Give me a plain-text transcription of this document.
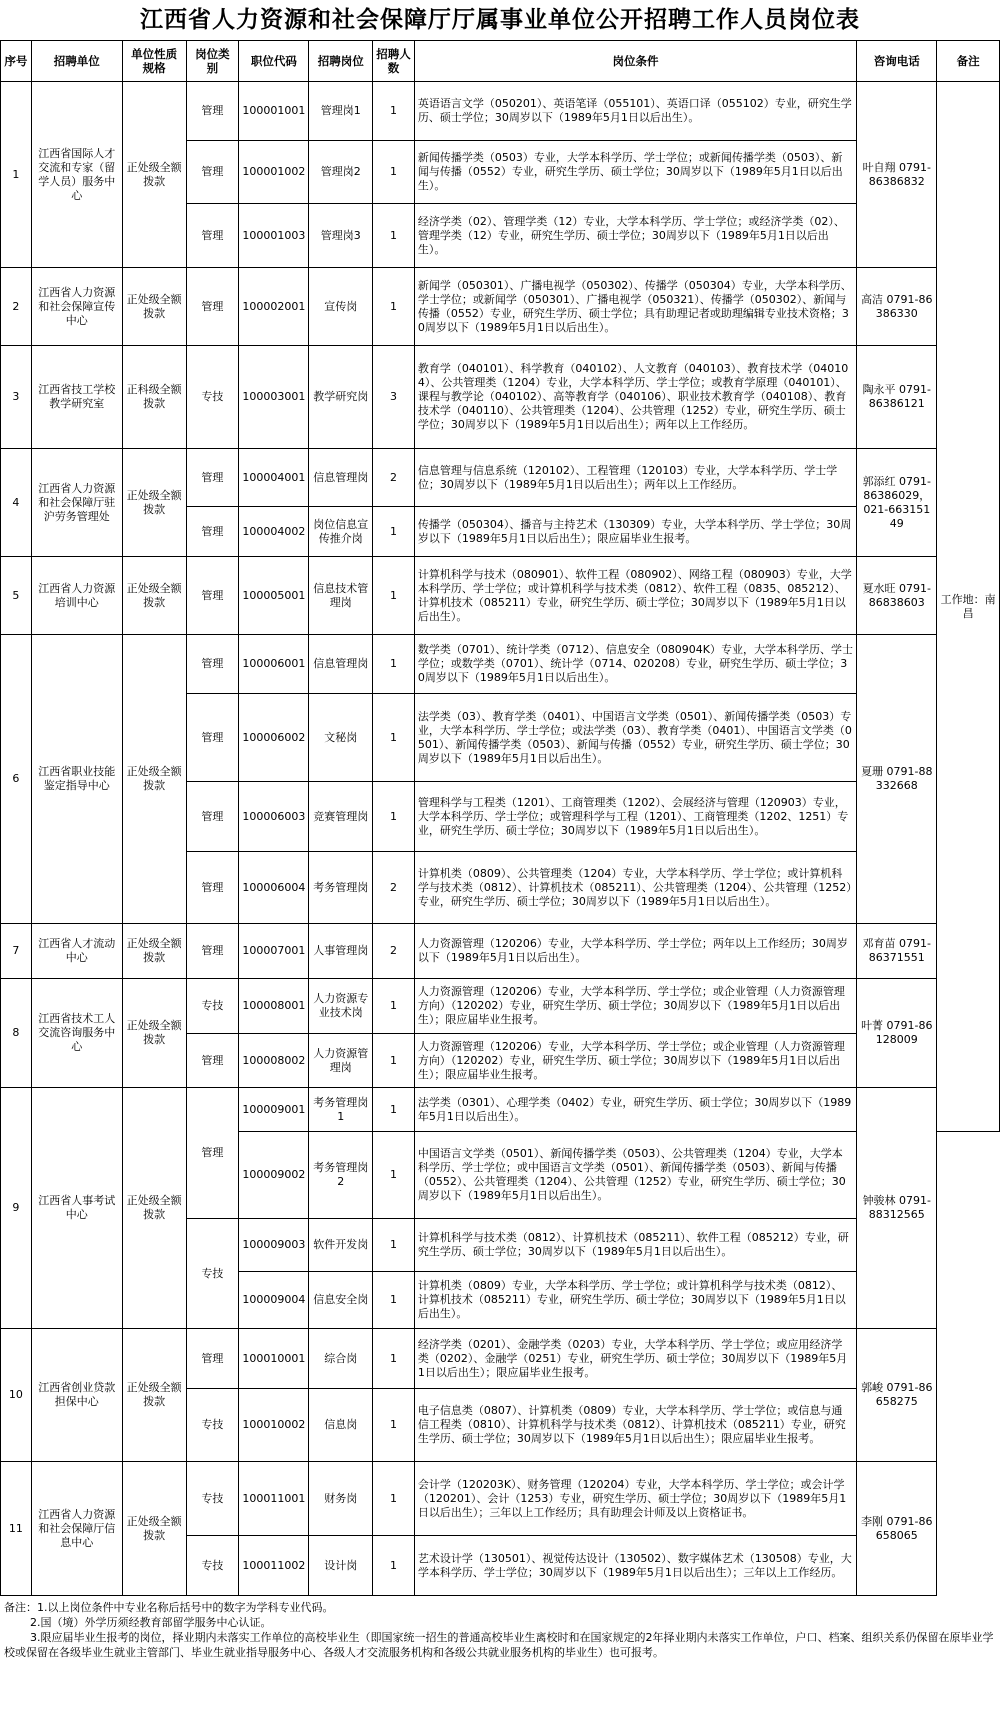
江西省人力资源和社会保障厅厅属事业单位公开招聘工作人员岗位表
序号	招聘单位	单位性质规格	岗位类别	职位代码	招聘岗位	招聘人数	岗位条件	咨询电话	备注
1	江西省国际人才交流和专家（留学人员）服务中心	正处级全额拨款	管理	100001001	管理岗1	1	英语语言文学（050201）、英语笔译（055101）、英语口译（055102）专业，研究生学历、硕士学位；30周岁以下（1989年5月1日以后出生）。	叶自翔 0791-86386832	工作地：南昌
			管理	100001002	管理岗2	1	新闻传播学类（0503）专业，大学本科学历、学士学位；或新闻传播学类（0503）、新闻与传播（0552）专业，研究生学历、硕士学位；30周岁以下（1989年5月1日以后出生）。		
			管理	100001003	管理岗3	1	经济学类（02）、管理学类（12）专业，大学本科学历、学士学位；或经济学类（02）、管理学类（12）专业，研究生学历、硕士学位；30周岁以下（1989年5月1日以后出生）。		
2	江西省人力资源和社会保障宣传中心	正处级全额拨款	管理	100002001	宣传岗	1	新闻学（050301）、广播电视学（050302）、传播学（050304）专业，大学本科学历、学士学位；或新闻学（050301）、广播电视学（050321）、传播学（050302）、新闻与传播（0552）专业，研究生学历、硕士学位；具有助理记者或助理编辑专业技术资格；30周岁以下（1989年5月1日以后出生）。	高洁 0791-86386330	
3	江西省技工学校教学研究室	正科级全额拨款	专技	100003001	教学研究岗	3	教育学（040101）、科学教育（040102）、人文教育（040103）、教育技术学（040104）、公共管理类（1204）专业，大学本科学历、学士学位；或教育学原理（040101）、课程与教学论（040102）、高等教育学（040106）、职业技术教育学（040108）、教育技术学（040110）、公共管理类（1204）、公共管理（1252）专业，研究生学历、硕士学位；30周岁以下（1989年5月1日以后出生）；两年以上工作经历。	陶永平 0791-86386121	
4	江西省人力资源和社会保障厅驻沪劳务管理处	正处级全额拨款	管理	100004001	信息管理岗	2	信息管理与信息系统（120102）、工程管理（120103）专业，大学本科学历、学士学位；30周岁以下（1989年5月1日以后出生）；两年以上工作经历。	郭添红 0791-86386029，021-66315149	
			管理	100004002	岗位信息宣传推介岗	1	传播学（050304）、播音与主持艺术（130309）专业，大学本科学历、学士学位；30周岁以下（1989年5月1日以后出生）；限应届毕业生报考。		
5	江西省人力资源培训中心	正处级全额拨款	管理	100005001	信息技术管理岗	1	计算机科学与技术（080901）、软件工程（080902）、网络工程（080903）专业，大学本科学历、学士学位；或计算机科学与技术类（0812）、软件工程（0835、085212）、计算机技术（085211）专业，研究生学历、硕士学位；30周岁以下（1989年5月1日以后出生）。	夏水旺 0791-86838603	
6	江西省职业技能鉴定指导中心	正处级全额拨款	管理	100006001	信息管理岗	1	数学类（0701）、统计学类（0712）、信息安全（080904K）专业，大学本科学历、学士学位；或数学类（0701）、统计学（0714、020208）专业，研究生学历、硕士学位；30周岁以下（1989年5月1日以后出生）。	夏珊 0791-88332668	
			管理	100006002	文秘岗	1	法学类（03）、教育学类（0401）、中国语言文学类（0501）、新闻传播学类（0503）专业，大学本科学历、学士学位；或法学类（03）、教育学类（0401）、中国语言文学类（0501）、新闻传播学类（0503）、新闻与传播（0552）专业，研究生学历、硕士学位；30周岁以下（1989年5月1日以后出生）。		
			管理	100006003	竞赛管理岗	1	管理科学与工程类（1201）、工商管理类（1202）、会展经济与管理（120903）专业，大学本科学历、学士学位；或管理科学与工程（1201）、工商管理类（1202、1251）专业，研究生学历、硕士学位；30周岁以下（1989年5月1日以后出生）。		
			管理	100006004	考务管理岗	2	计算机类（0809）、公共管理类（1204）专业，大学本科学历、学士学位；或计算机科学与技术类（0812）、计算机技术（085211）、公共管理类（1204）、公共管理（1252）专业，研究生学历、硕士学位；30周岁以下（1989年5月1日以后出生）。		
7	江西省人才流动中心	正处级全额拨款	管理	100007001	人事管理岗	2	人力资源管理（120206）专业，大学本科学历、学士学位；两年以上工作经历；30周岁以下（1989年5月1日以后出生）。	邓育苗 0791-86371551	
8	江西省技术工人交流咨询服务中心	正处级全额拨款	专技	100008001	人力资源专业技术岗	1	人力资源管理（120206）专业，大学本科学历、学士学位；或企业管理（人力资源管理方向）（120202）专业，研究生学历、硕士学位；30周岁以下（1989年5月1日以后出生）；限应届毕业生报考。	叶菁 0791-86128009	
			管理	100008002	人力资源管理岗	1	人力资源管理（120206）专业，大学本科学历、学士学位；或企业管理（人力资源管理方向）（120202）专业，研究生学历、硕士学位；30周岁以下（1989年5月1日以后出生）；限应届毕业生报考。		
9	江西省人事考试中心	正处级全额拨款	管理	100009001	考务管理岗1	1	法学类（0301）、心理学类（0402）专业，研究生学历、硕士学位；30周岁以下（1989年5月1日以后出生）。	钟骏林 0791-88312565	
				100009002	考务管理岗2	1	中国语言文学类（0501）、新闻传播学类（0503）、公共管理类（1204）专业，大学本科学历、学士学位；或中国语言文学类（0501）、新闻传播学类（0503）、新闻与传播（0552）、公共管理类（1204）、公共管理（1252）专业，研究生学历、硕士学位；30周岁以下（1989年5月1日以后出生）。		
			专技	100009003	软件开发岗	1	计算机科学与技术类（0812）、计算机技术（085211）、软件工程（085212）专业，研究生学历、硕士学位；30周岁以下（1989年5月1日以后出生）。		
				100009004	信息安全岗	1	计算机类（0809）专业，大学本科学历、学士学位；或计算机科学与技术类（0812）、计算机技术（085211）专业，研究生学历、硕士学位；30周岁以下（1989年5月1日以后出生）。		
10	江西省创业贷款担保中心	正处级全额拨款	管理	100010001	综合岗	1	经济学类（0201）、金融学类（0203）专业，大学本科学历、学士学位；或应用经济学类（0202）、金融学（0251）专业，研究生学历、硕士学位；30周岁以下（1989年5月1日以后出生）；限应届毕业生报考。	郭峻 0791-86658275	
			专技	100010002	信息岗	1	电子信息类（0807）、计算机类（0809）专业，大学本科学历、学士学位；或信息与通信工程类（0810）、计算机科学与技术类（0812）、计算机技术（085211）专业，研究生学历、硕士学位；30周岁以下（1989年5月1日以后出生）；限应届毕业生报考。		
11	江西省人力资源和社会保障厅信息中心	正处级全额拨款	专技	100011001	财务岗	1	会计学（120203K）、财务管理（120204）专业，大学本科学历、学士学位；或会计学（120201）、会计（1253）专业，研究生学历、硕士学位；30周岁以下（1989年5月1日以后出生）；三年以上工作经历；具有助理会计师及以上资格证书。	李刚 0791-86658065	
			专技	100011002	设计岗	1	艺术设计学（130501）、视觉传达设计（130502）、数字媒体艺术（130508）专业，大学本科学历、学士学位；30周岁以下（1989年5月1日以后出生）；三年以上工作经历。		

备注：1.以上岗位条件中专业名称后括号中的数字为学科专业代码。

2.国（境）外学历须经教育部留学服务中心认证。

3.限应届毕业生报考的岗位，择业期内未落实工作单位的高校毕业生（即国家统一招生的普通高校毕业生离校时和在国家规定的2年择业期内未落实工作单位，户口、档案、组织关系仍保留在原毕业学校或保留在各级毕业生就业主管部门、毕业生就业指导服务中心、各级人才交流服务机构和各级公共就业服务机构的毕业生）也可报考。
